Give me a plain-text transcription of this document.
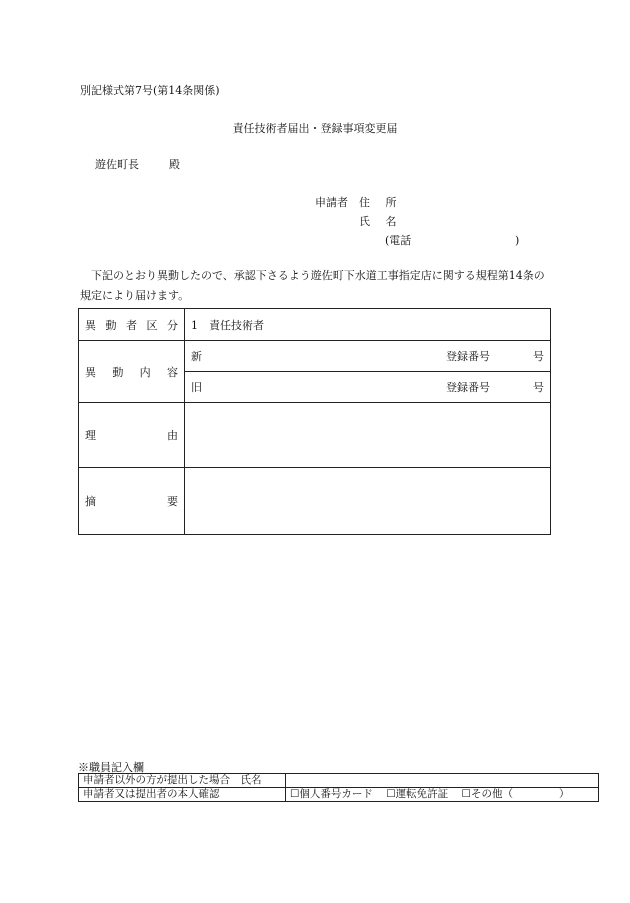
別記様式第7号(第14条関係)
責任技術者届出・登録事項変更届
遊佐町長	殿
申請者 住 所
氏 名
(電話	)
下記のとおり異動したので、承認下さるよう遊佐町下水道工事指定店に関する規程第14条の規定により届けます。
異 動 者 区 分	1　責任技術者

異 動 内 容	新 登録番号 号

	旧 登録番号 号

理 由	

摘 要	

※職員記入欄
申請者以外の方が提出した場合　氏名	
申請者又は提出者の本人確認	☐個人番号カード ☐運転免許証 ☐その他（ ）
